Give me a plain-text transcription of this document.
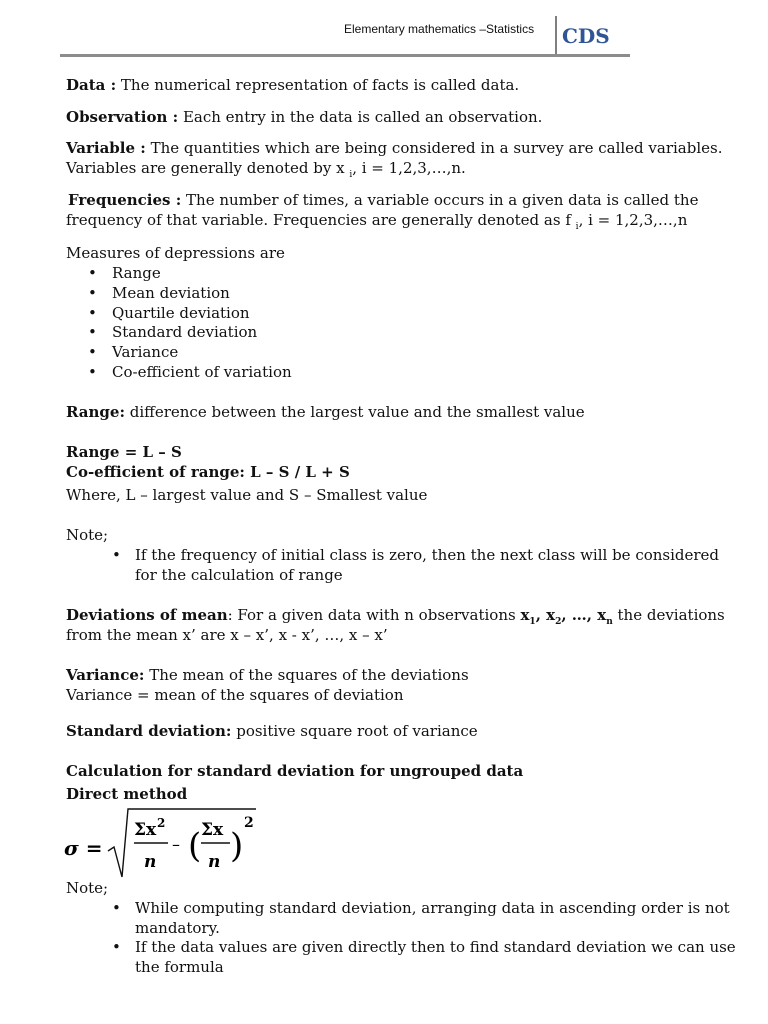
Elementary mathematics –Statistics CDS
Data : The numerical representation of facts is called data.
Observation : Each entry in the data is called an observation.
Variable : The quantities which are being considered in a survey are called variables.
Variables are generally denoted by x $_i$, i = 1,2,3,…,n.
Frequencies : The number of times, a variable occurs in a given data is called the
frequency of that variable. Frequencies are generally denoted as f $_i$, i = 1,2,3,…,n
Measures of depressions are
• Range
• Mean deviation
• Quartile deviation
• Standard deviation
• Variance
• Co-efficient of variation
Range: difference between the largest value and the smallest value
Range = L – S
Co-efficient of range: L – S / L + S
Where, L – largest value and S – Smallest value
Note;
• If the frequency of initial class is zero, then the next class will be considered
for the calculation of range
Deviations of mean: For a given data with n observations $x_1$, $x_2$, …, $x_n$ the deviations
from the mean x’ are x – x’, x - x’, …, x – x’
Variance: The mean of the squares of the deviations
Variance = mean of the squares of deviation
Standard deviation: positive square root of variance
Calculation for standard deviation for ungrouped data
Direct method
σ =
Σx 2
n
– ( Σx
n )
2
Note;
• While computing standard deviation, arranging data in ascending order is not
mandatory.
• If the data values are given directly then to find standard deviation we can use
the formula
